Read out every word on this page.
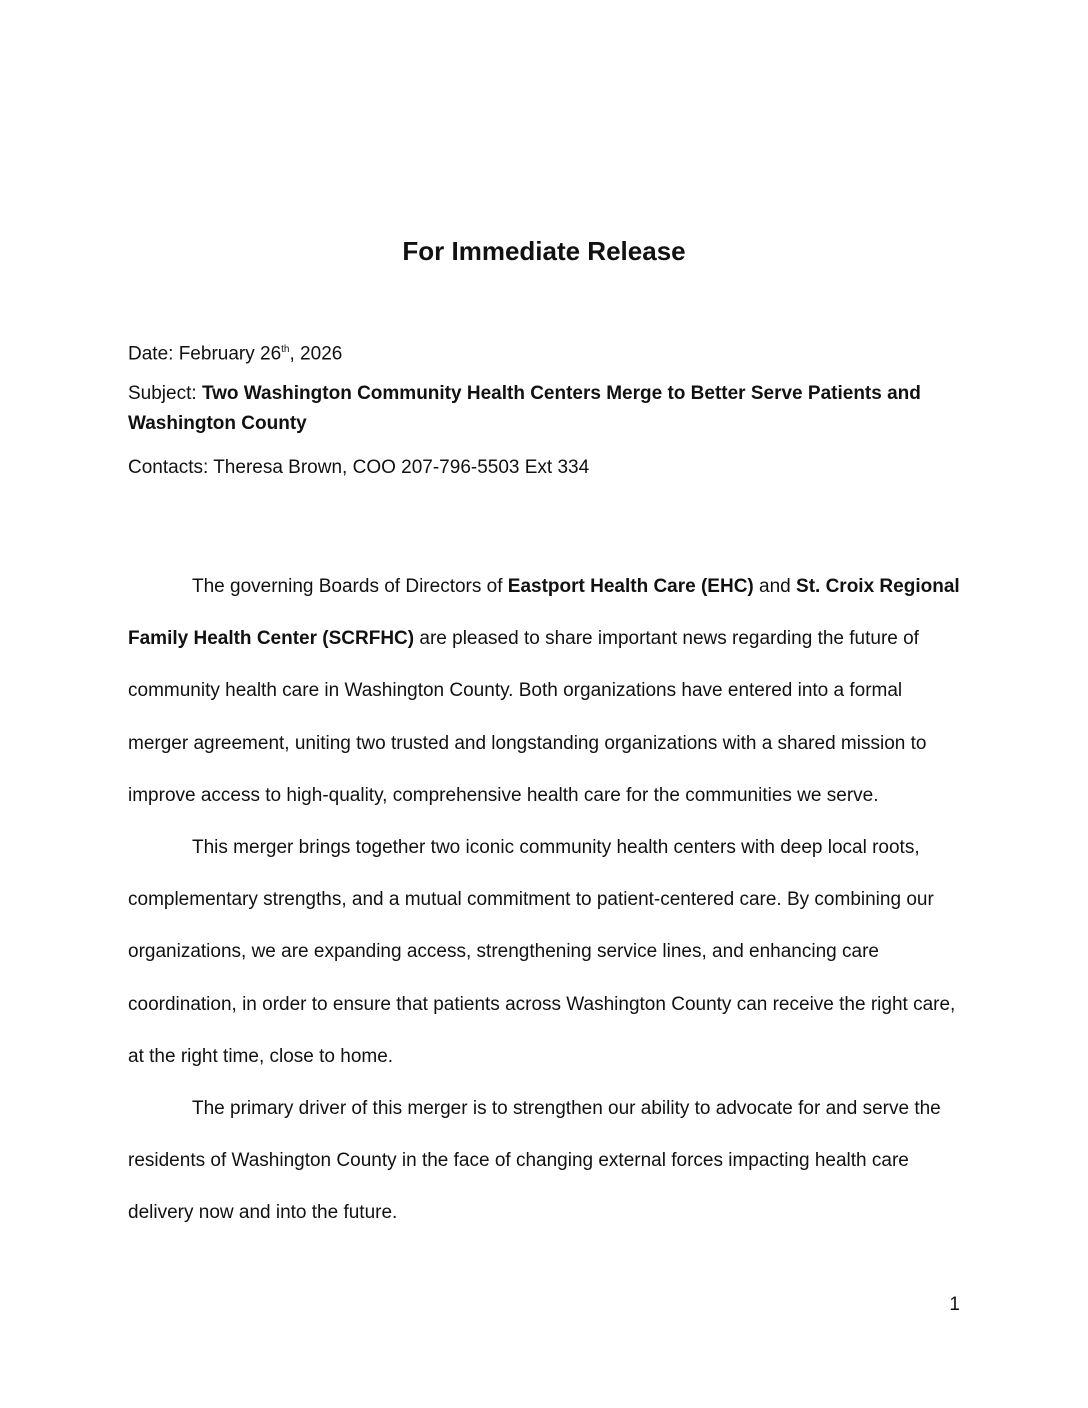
For Immediate Release
Date: February 26th, 2026
Subject: Two Washington Community Health Centers Merge to Better Serve Patients and Washington County
Contacts: Theresa Brown, COO 207-796-5503 Ext 334

The governing Boards of Directors of Eastport Health Care (EHC) and St. Croix Regional Family Health Center (SCRFHC) are pleased to share important news regarding the future of community health care in Washington County. Both organizations have entered into a formal merger agreement, uniting two trusted and longstanding organizations with a shared mission to improve access to high-quality, comprehensive health care for the communities we serve.

This merger brings together two iconic community health centers with deep local roots, complementary strengths, and a mutual commitment to patient-centered care. By combining our organizations, we are expanding access, strengthening service lines, and enhancing care coordination, in order to ensure that patients across Washington County can receive the right care, at the right time, close to home.

The primary driver of this merger is to strengthen our ability to advocate for and serve the residents of Washington County in the face of changing external forces impacting health care delivery now and into the future.

1
